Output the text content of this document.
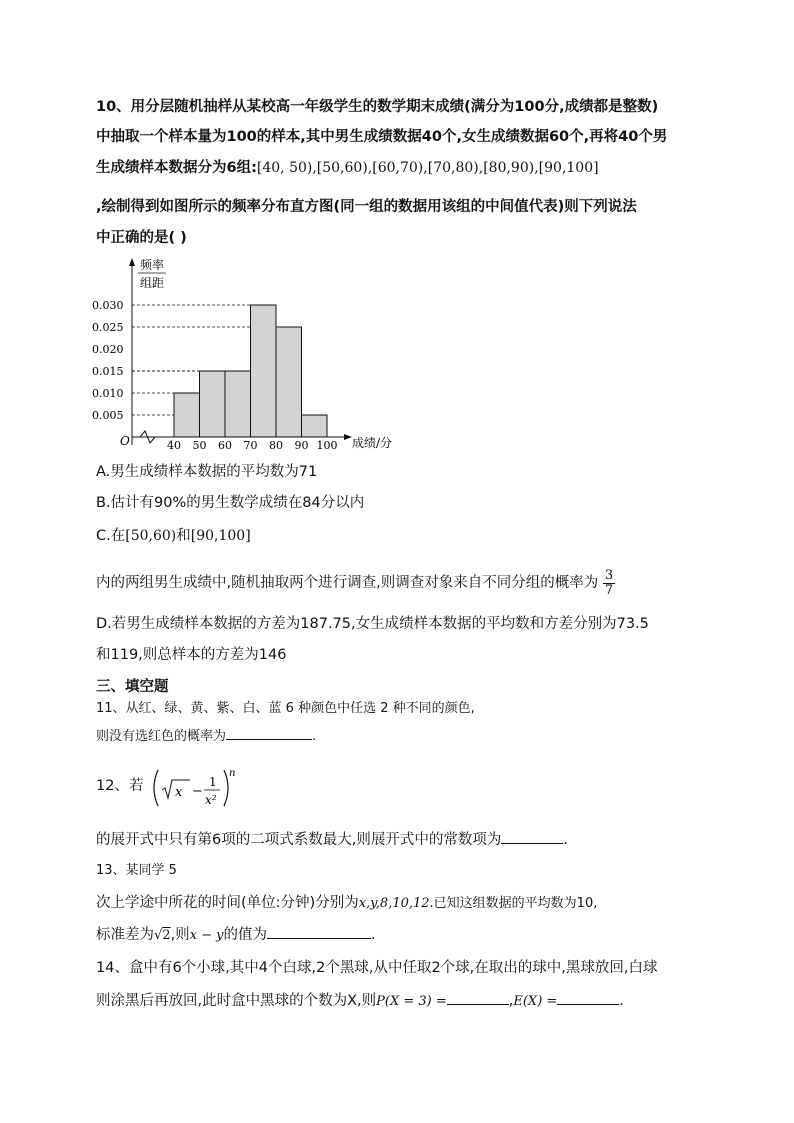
10、用分层随机抽样从某校高一年级学生的数学期末成绩(满分为100分,成绩都是整数)
中抽取一个样本量为100的样本,其中男生成绩数据40个,女生成绩数据60个,再将40个男
生成绩样本数据分为6组:[40, 50),[50,60),[60,70),[70,80),[80,90),[90,100]
,绘制得到如图所示的频率分布直方图(同一组的数据用该组的中间值代表)则下列说法
中正确的是( )
频率
组距
O	成绩/分
0.005
0.010
0.015
0.020
0.025
0.030
40 50 60 70 80 90 100
A.男生成绩样本数据的平均数为71
B.估计有90%的男生数学成绩在84分以内
C.在[50,60)和[90,100]
内的两组男生成绩中,随机抽取两个进行调查,则调查对象来自不同分组的概率为 $\frac{3}{7}$
D.若男生成绩样本数据的方差为187.75,女生成绩样本数据的平均数和方差分别为73.5
和119,则总样本的方差为146
三、填空题
11、从红、绿、黄、紫、白、蓝 6 种颜色中任选 2 种不同的颜色,
则没有选红色的概率为	.
12、若 x −
1
x²
n
的展开式中只有第6项的二项式系数最大,则展开式中的常数项为	.
13、某同学 5
次上学途中所花的时间(单位:分钟)分别为x,y,8,10,12.已知这组数据的平均数为10,
标准差为√2,则x − y的值为	.
14、盒中有6个小球,其中4个白球,2个黑球,从中任取2个球,在取出的球中,黑球放回,白球
则涂黑后再放回,此时盒中黑球的个数为X,则P(X = 3) =	,E(X) =	.
